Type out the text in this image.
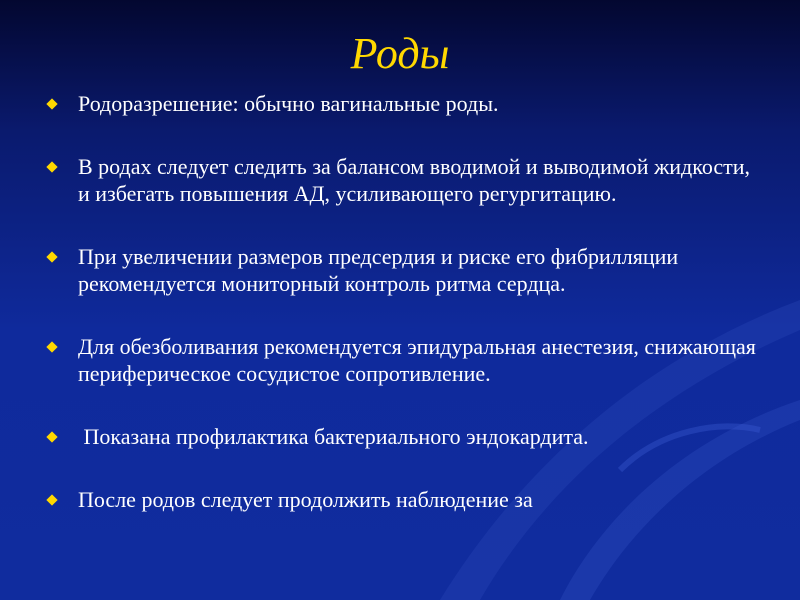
Роды
Родоразрешение: обычно вагинальные роды.
В родах следует следить за балансом вводимой и выводимой жидкости, и избегать повышения АД, усиливающего регургитацию.
При увеличении размеров предсердия и риске его фибрилляции рекомендуется мониторный контроль ритма сердца.
Для обезболивания рекомендуется эпидуральная анестезия, снижающая периферическое сосудистое сопротивление.
Показана профилактика бактериального эндокардита.
После родов следует продолжить наблюдение за
